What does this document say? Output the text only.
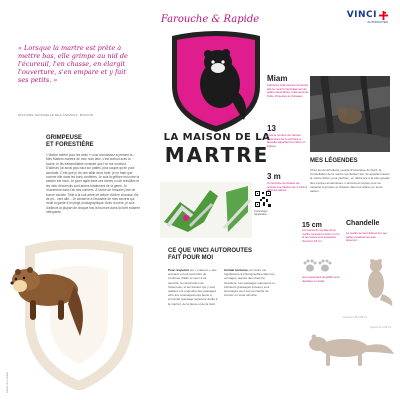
Farouche & Rapide	VINCI
AUTOROUTES
« Lorsque la martre est prête à mettre bas, elle grimpe au nid de l'écureuil, l'en chasse, en élargit l'ouverture, s'en empare et y fait ses petits. »
HISTOIRE NATURELLE DES ANIMAUX, BUFFON
GRIMPEUSE
ET FORESTIÈRE
« Martre martre pour les amis » vous connaissez à présent la... Mes Martres martres de mon nom latin, c'est surtout avec la fouine, le fils fraisemblable croissée que l'on me confond. D'ailleurs j'ai aussi plus haut sur pattes, plus souple qu'en pour acrobate. C'est que je vis une taille deux forêt, je ne fraie que comme elle dans les bons conifères. Je suis la griffure est notre la saisine est nous. Je jouer agile dans ces arbres ou de brindilles et les nids d'écureuils sont autres totalement de la géme. Je m'aventure dans l'air des corniers. À l'aube de l'essaim j'ose de bonne cachée. Telle à la nuit arbre de toiture d'Arbre chaussé, fils de pli... vent ailé... Je conserve à l'industrie de mes secrets qui vivait la garde d'un pégé photographique. Avec la mère, je suis d'ailleurs la plupart de chaque fois là fourrure dans la forêt éclairée nettoyante.
Maison de la martre
LA MAISON DE LA
MARTRE
Téléchargez l'application
CE QUE VINCI AUTOROUTES
FAIT POUR MOI
Pour respecter les « maisons » des animaux et leur permettre de continuer d'aller et venir à sa sécurité, la construction de l'autoroute, et les travaux qui y sont réalisés ont engendré des passages sûrs aux aménagements faune à proximité (passage supérieur dédié à la martre), de la faune et de la forêt.
Animal nocturne, la martre est régulièrement photographiée dans les ouvrages, auprès des chemins forestiers. Les passages supérieurs et inférieurs (passages à faune) sont aménagés pour leur permettre de circuler en toute sécurité.
Miam
Carnivore mais pas tout le temps, elle se nourrit principalement de petits mammifères, mais aussi de fruits, d'insectes et d'oiseaux.
13
C'est le nombre de martres recensées sur le territoire à laquelle appartient la martre en France.
3 m
Un territoire de chasse qui occupe une hauteur de 3 mètres dans les arbres.
MES LÉGENDES
Chez les Amérindiens, peuple d'Amérique du Nord, la constellation de la martre symbolise l'été. Ils appellent aussi la martre fisher, pour pêcheur, en référence à la plus grande des martres américaines. L'animal est réputé pour sa capacité à grimper et chasser dans les arbres en toute saison.
15 cm
Les traces de la patte de la martre mesurent environ 4 cm, et les traces sont espacées d'environ 15 cm.
Chandelle
La martre se tient debout sur ses pattes postérieures pour observer.
Les empreintes de griffes sont réparties en étoile.
Longueur 38 à 58 cm
Queue 22 à 28 cm
